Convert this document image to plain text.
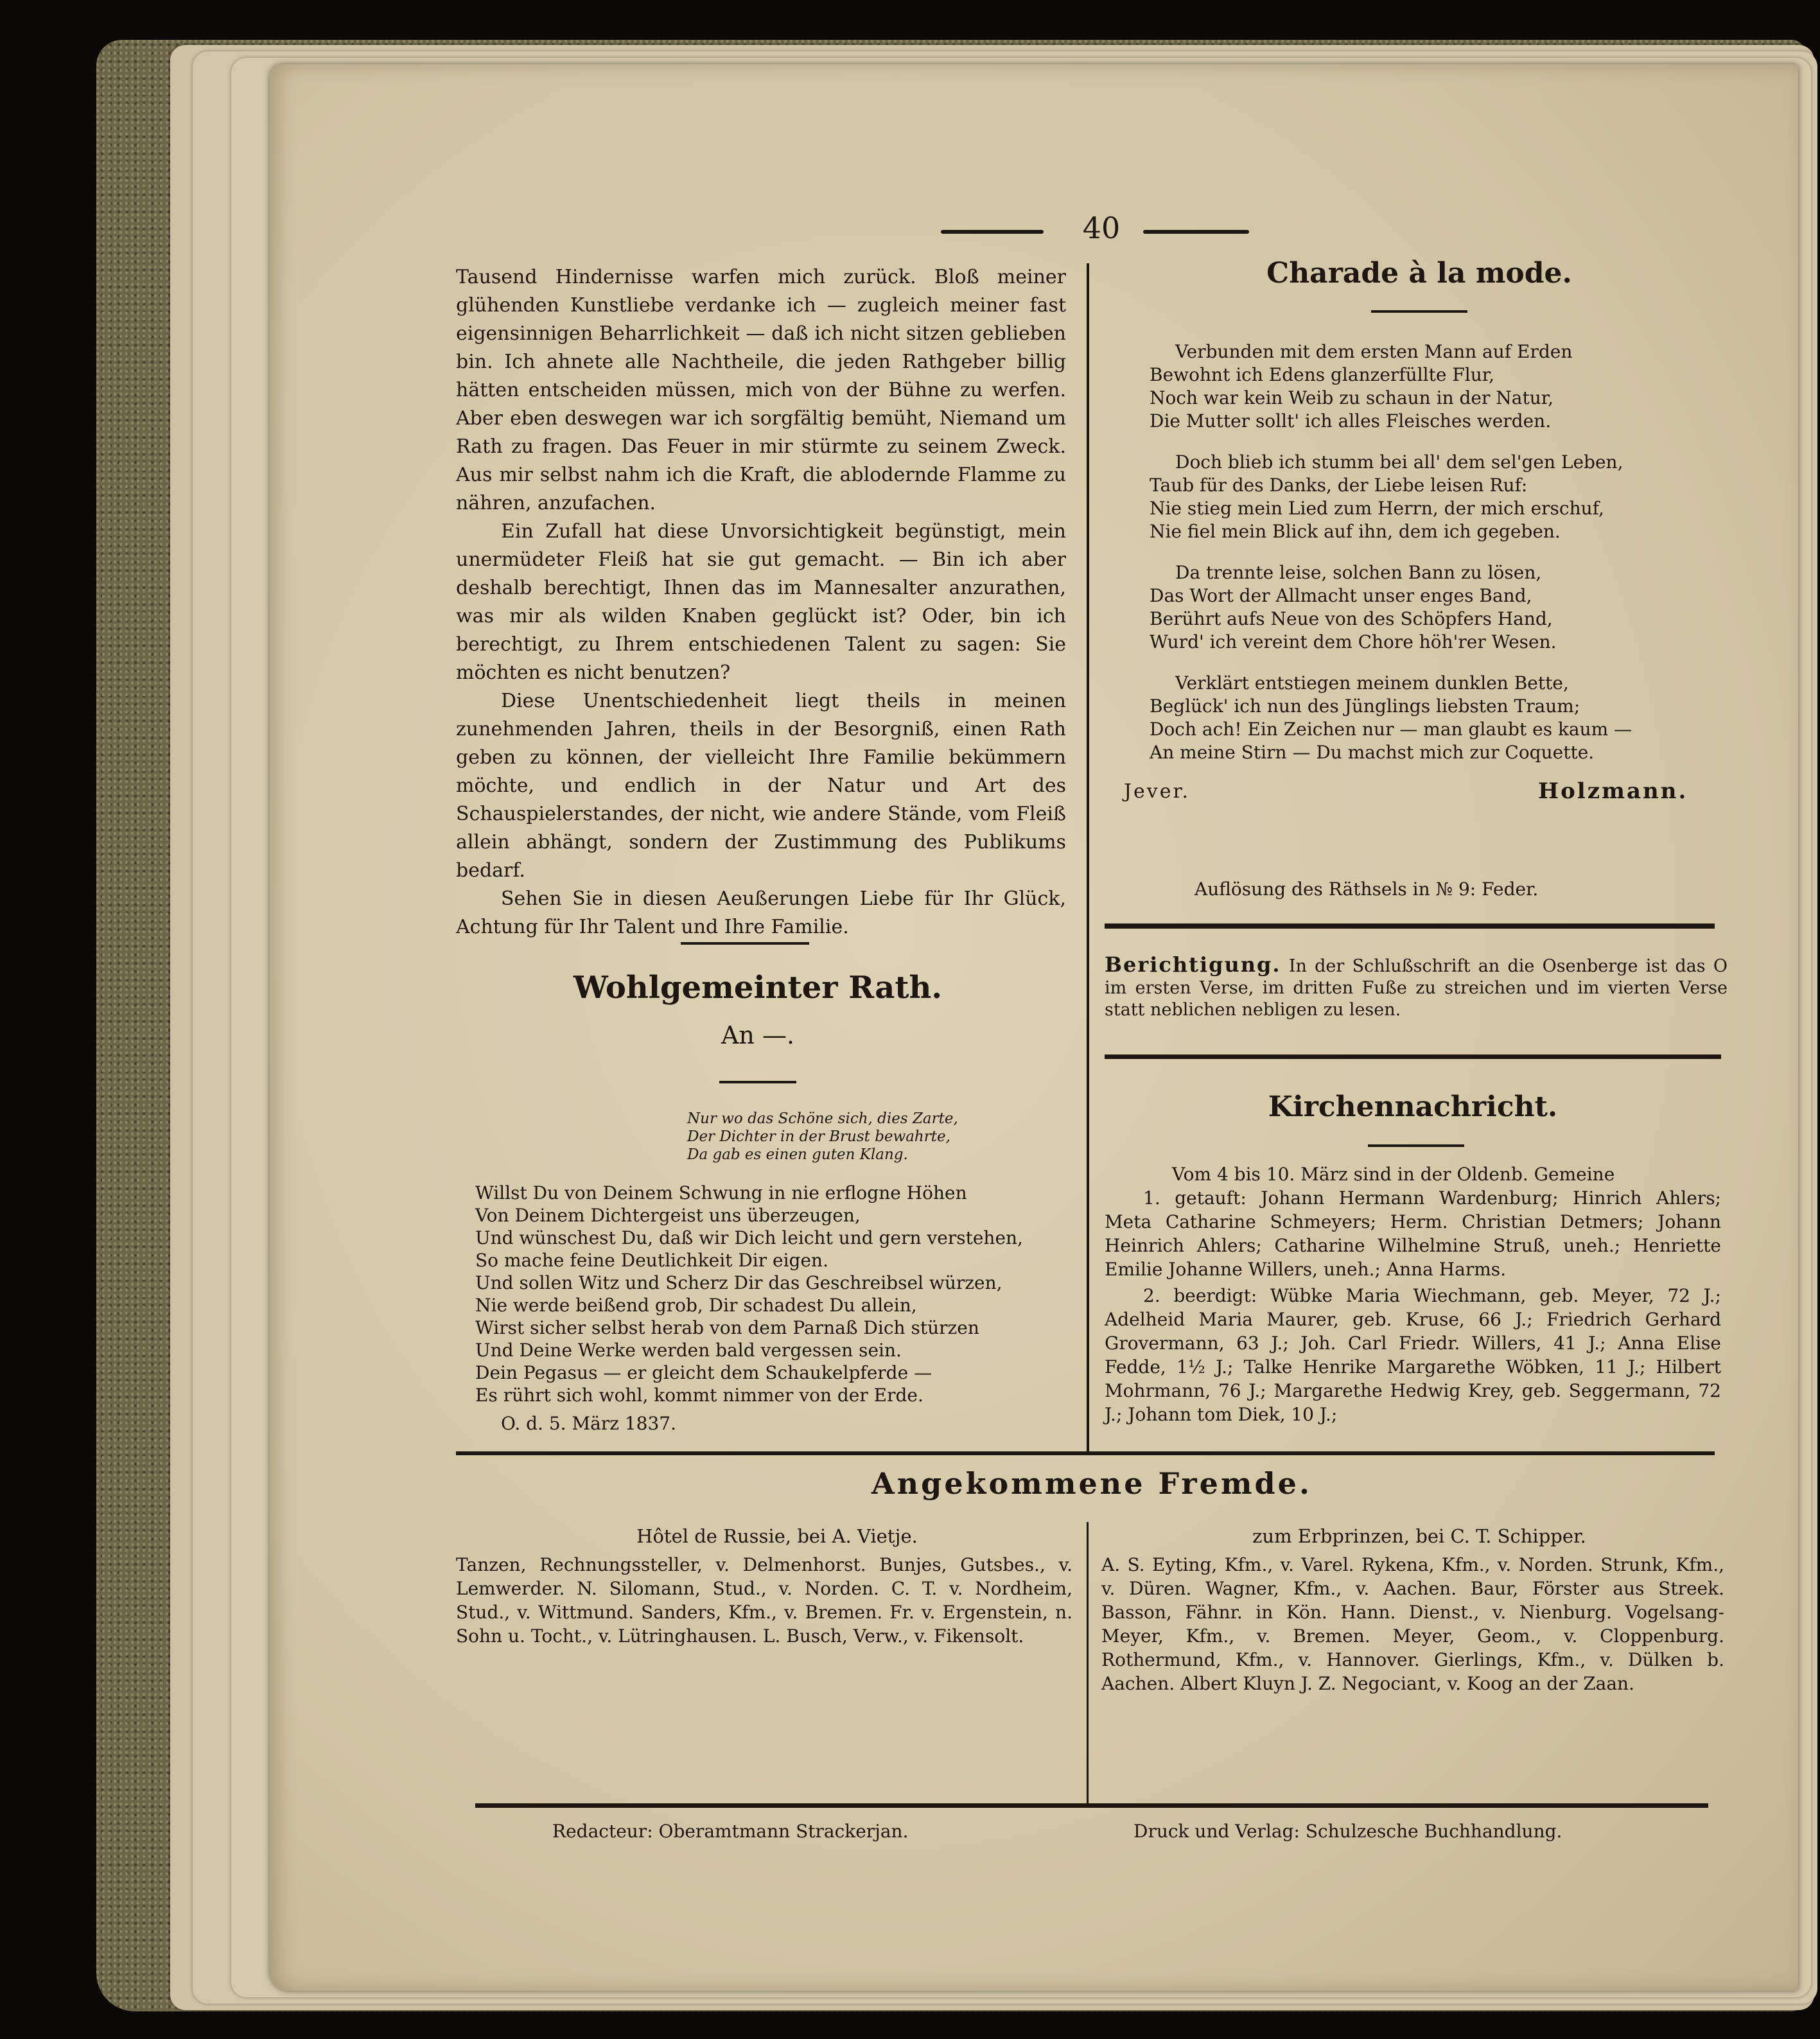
40

Tausend Hindernisse warfen mich zurück. Bloß meiner glühenden Kunstliebe verdanke ich — zugleich meiner fast eigensinnigen Beharrlichkeit — daß ich nicht sitzen geblieben bin. Ich ahnete alle Nachtheile, die jeden Rathgeber billig hätten entscheiden müssen, mich von der Bühne zu werfen. Aber eben deswegen war ich sorgfältig bemüht, Niemand um Rath zu fragen. Das Feuer in mir stürmte zu seinem Zweck. Aus mir selbst nahm ich die Kraft, die ablodernde Flamme zu nähren, anzufachen.

Ein Zufall hat diese Unvorsichtigkeit begünstigt, mein unermüdeter Fleiß hat sie gut gemacht. — Bin ich aber deshalb berechtigt, Ihnen das im Mannesalter anzurathen, was mir als wilden Knaben geglückt ist? Oder, bin ich berechtigt, zu Ihrem entschiedenen Talent zu sagen: Sie möchten es nicht benutzen?

Diese Unentschiedenheit liegt theils in meinen zunehmenden Jahren, theils in der Besorgniß, einen Rath geben zu können, der vielleicht Ihre Familie bekümmern möchte, und endlich in der Natur und Art des Schauspielerstandes, der nicht, wie andere Stände, vom Fleiß allein abhängt, sondern der Zustimmung des Publikums bedarf.

Sehen Sie in diesen Aeußerungen Liebe für Ihr Glück, Achtung für Ihr Talent und Ihre Familie.

Wohlgemeinter Rath.
An —.
Nur wo das Schöne sich, dies Zarte,
Der Dichter in der Brust bewahrte,
Da gab es einen guten Klang.
Willst Du von Deinem Schwung in nie erflogne Höhen
Von Deinem Dichtergeist uns überzeugen,
Und wünschest Du, daß wir Dich leicht und gern verstehen,
So mache feine Deutlichkeit Dir eigen.
Und sollen Witz und Scherz Dir das Geschreibsel würzen,
Nie werde beißend grob, Dir schadest Du allein,
Wirst sicher selbst herab von dem Parnaß Dich stürzen
Und Deine Werke werden bald vergessen sein.
Dein Pegasus — er gleicht dem Schaukelpferde —
Es rührt sich wohl, kommt nimmer von der Erde.
O. d. 5. März 1837.
Charade à la mode.
Verbunden mit dem ersten Mann auf Erden
Bewohnt ich Edens glanzerfüllte Flur,
Noch war kein Weib zu schaun in der Natur,
Die Mutter sollt' ich alles Fleisches werden.
Doch blieb ich stumm bei all' dem sel'gen Leben,
Taub für des Danks, der Liebe leisen Ruf:
Nie stieg mein Lied zum Herrn, der mich erschuf,
Nie fiel mein Blick auf ihn, dem ich gegeben.
Da trennte leise, solchen Bann zu lösen,
Das Wort der Allmacht unser enges Band,
Berührt aufs Neue von des Schöpfers Hand,
Wurd' ich vereint dem Chore höh'rer Wesen.
Verklärt entstiegen meinem dunklen Bette,
Beglück' ich nun des Jünglings liebsten Traum;
Doch ach! Ein Zeichen nur — man glaubt es kaum —
An meine Stirn — Du machst mich zur Coquette.
Jever.	Holzmann.
Auflösung des Räthsels in № 9: Feder.
Berichtigung. In der Schlußschrift an die Osenberge ist das O im ersten Verse, im dritten Fuße zu streichen und im vierten Verse statt neblichen nebligen zu lesen.
Kirchennachricht.
Vom 4 bis 10. März sind in der Oldenb. Gemeine
1. getauft: Johann Hermann Wardenburg; Hinrich Ahlers; Meta Catharine Schmeyers; Herm. Christian Detmers; Johann Heinrich Ahlers; Catharine Wilhelmine Struß, uneh.; Henriette Emilie Johanne Willers, uneh.; Anna Harms.
2. beerdigt: Wübke Maria Wiechmann, geb. Meyer, 72 J.; Adelheid Maria Maurer, geb. Kruse, 66 J.; Friedrich Gerhard Grovermann, 63 J.; Joh. Carl Friedr. Willers, 41 J.; Anna Elise Fedde, 1½ J.; Talke Henrike Margarethe Wöbken, 11 J.; Hilbert Mohrmann, 76 J.; Margarethe Hedwig Krey, geb. Seggermann, 72 J.; Johann tom Diek, 10 J.;
Angekommene Fremde.
Hôtel de Russie, bei A. Vietje.	zum Erbprinzen, bei C. T. Schipper.
Tanzen, Rechnungssteller, v. Delmenhorst. Bunjes, Gutsbes., v. Lemwerder. N. Silomann, Stud., v. Norden. C. T. v. Nordheim, Stud., v. Wittmund. Sanders, Kfm., v. Bremen. Fr. v. Ergenstein, n. Sohn u. Tocht., v. Lütringhausen. L. Busch, Verw., v. Fikensolt.
A. S. Eyting, Kfm., v. Varel. Rykena, Kfm., v. Norden. Strunk, Kfm., v. Düren. Wagner, Kfm., v. Aachen. Baur, Förster aus Streek. Basson, Fähnr. in Kön. Hann. Dienst., v. Nienburg. Vogelsang-Meyer, Kfm., v. Bremen. Meyer, Geom., v. Cloppenburg. Rothermund, Kfm., v. Hannover. Gierlings, Kfm., v. Dülken b. Aachen. Albert Kluyn J. Z. Negociant, v. Koog an der Zaan.
Redacteur: Oberamtmann Strackerjan.	Druck und Verlag: Schulzesche Buchhandlung.
